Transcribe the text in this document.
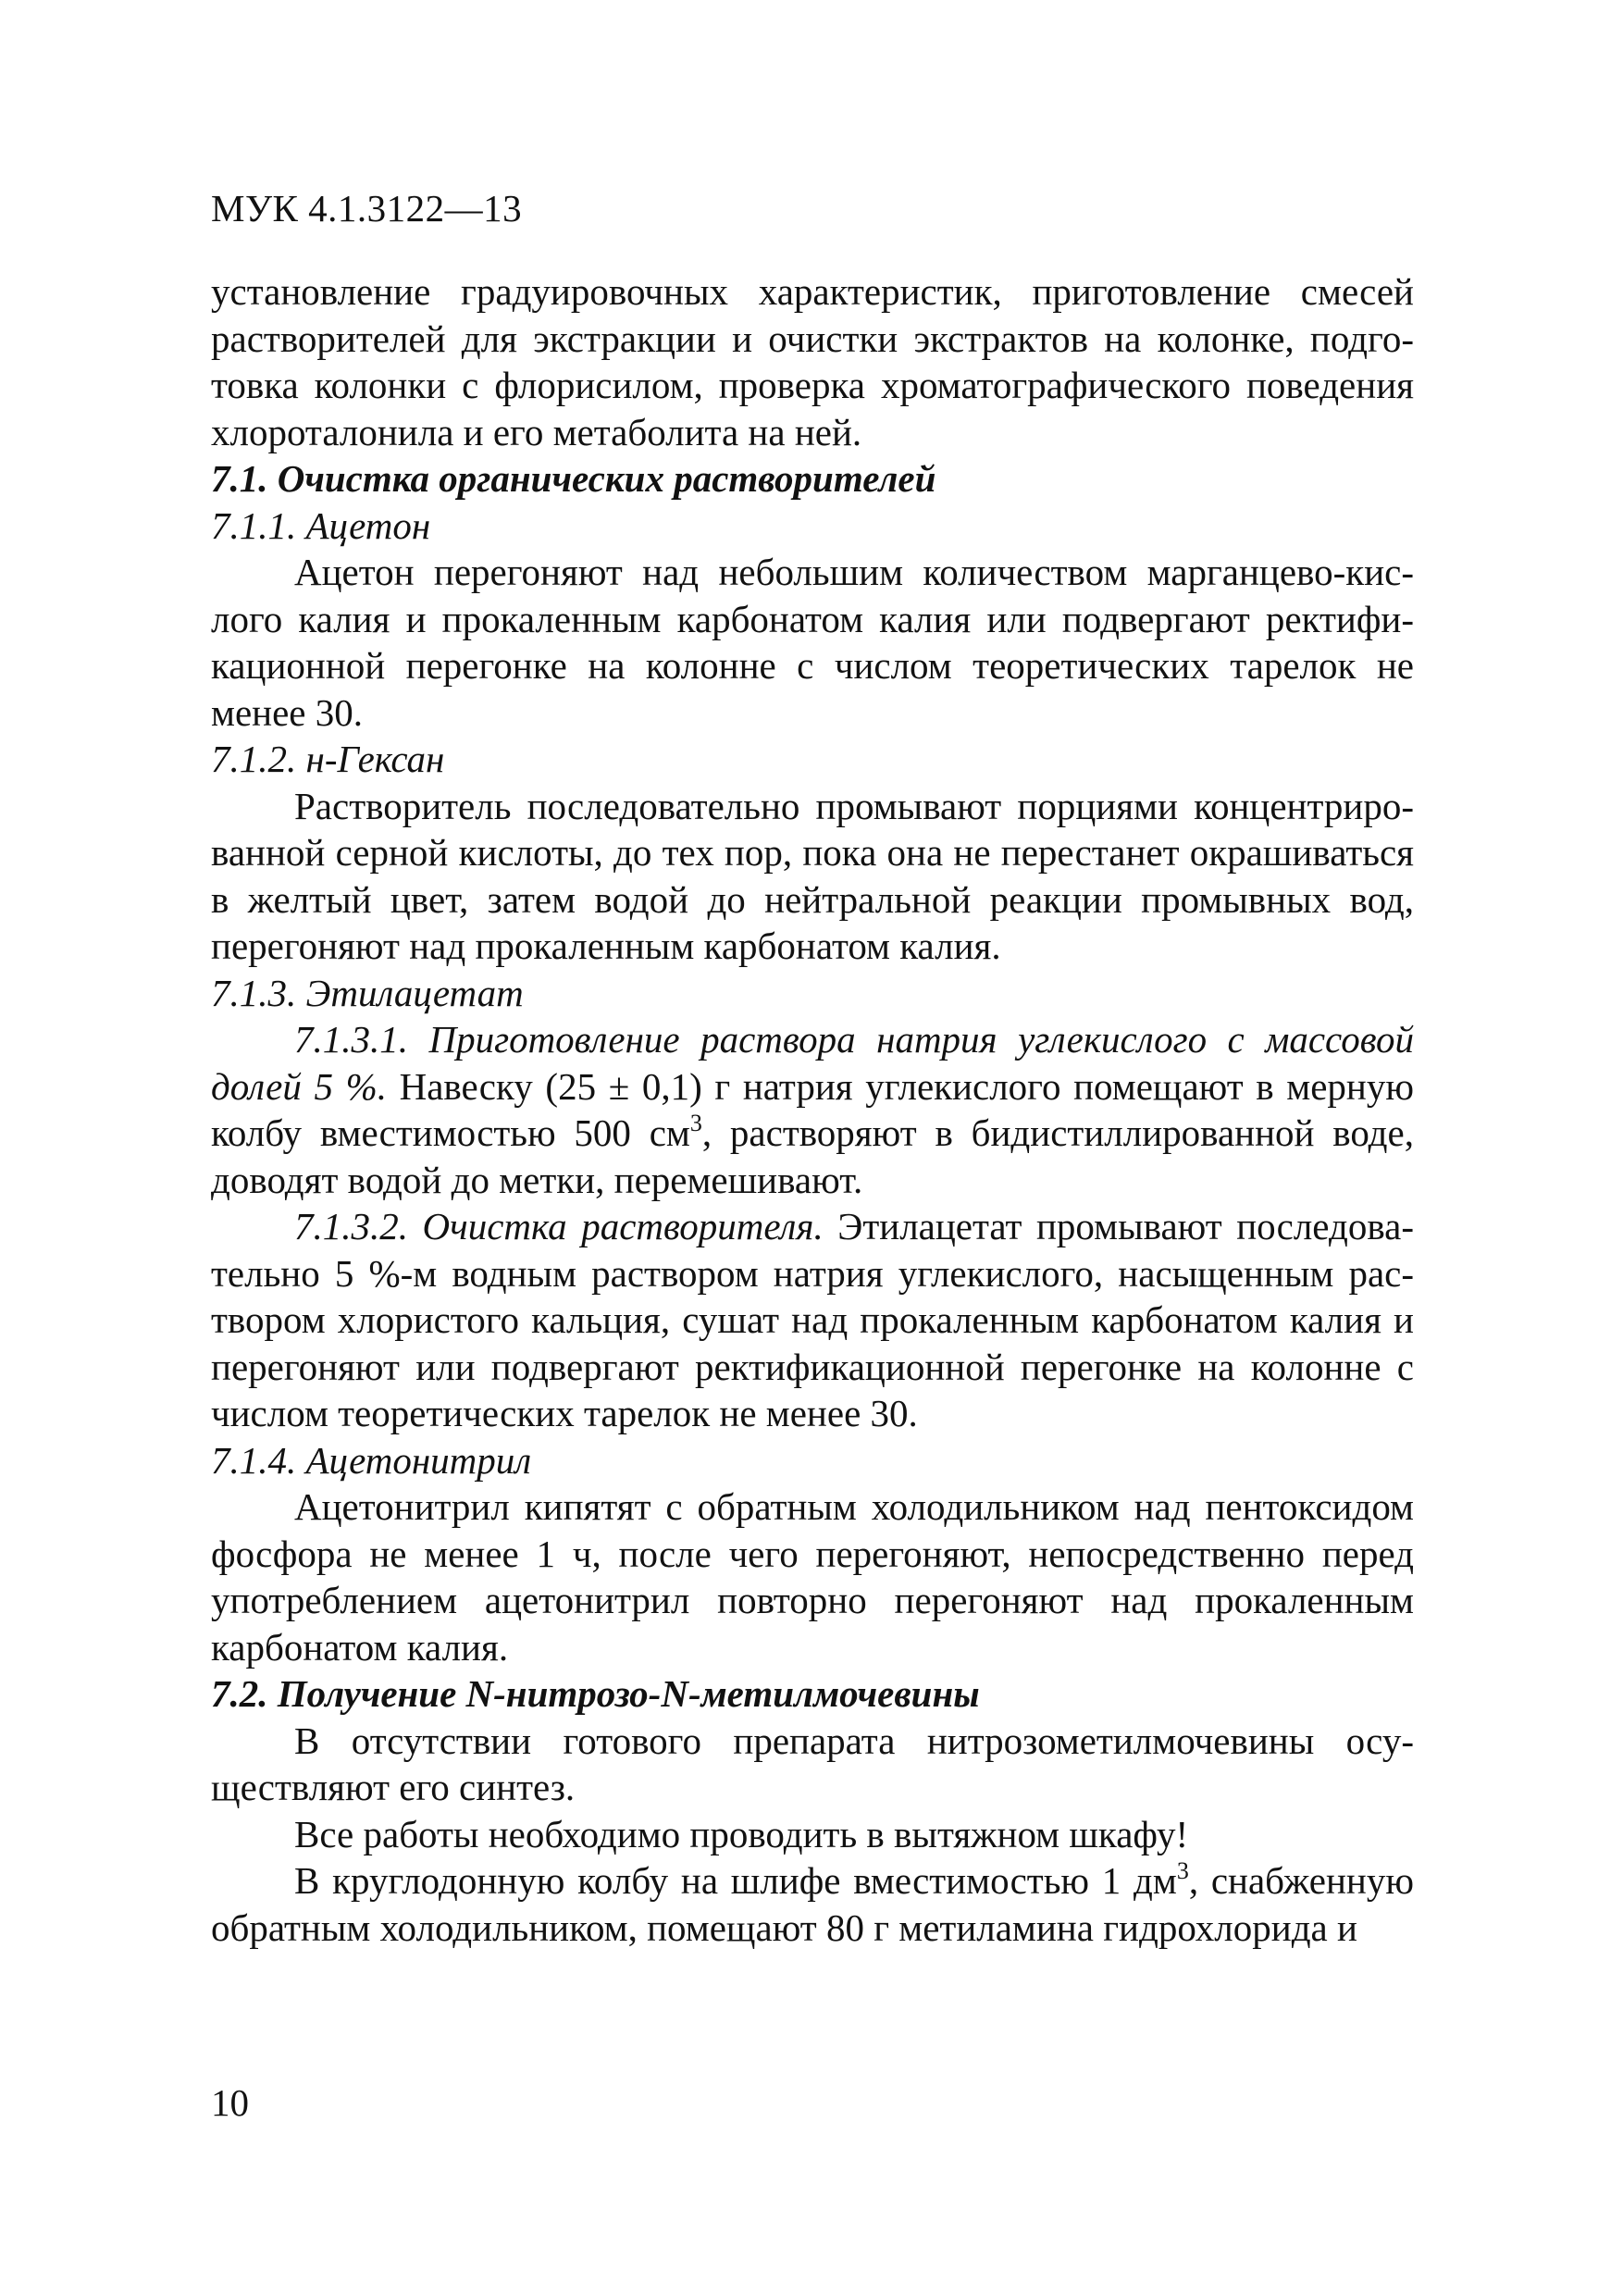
МУК 4.1.3122—13

установление градуировочных характеристик, приготовление смесей растворителей для экстракции и очистки экстрактов на колонке, подготовка колонки с флорисилом, проверка хроматографического поведения хлороталонила и его метаболита на ней.

7.1. Очистка органических растворителей

7.1.1. Ацетон

Ацетон перегоняют над небольшим количеством марганцево-кислого калия и прокаленным карбонатом калия или подвергают ректификационной перегонке на колонне с числом теоретических тарелок не менее 30.

7.1.2. н-Гексан

Растворитель последовательно промывают порциями концентрированной серной кислоты, до тех пор, пока она не перестанет окрашиваться в желтый цвет, затем водой до нейтральной реакции промывных вод, перегоняют над прокаленным карбонатом калия.

7.1.3. Этилацетат

7.1.3.1. Приготовление раствора натрия углекислого с массовой долей 5 %. Навеску (25 ± 0,1) г натрия углекислого помещают в мерную колбу вместимостью 500 $см^3$, растворяют в бидистиллированной воде, доводят водой до метки, перемешивают.

7.1.3.2. Очистка растворителя. Этилацетат промывают последовательно 5 %-м водным раствором натрия углекислого, насыщенным раствором хлористого кальция, сушат над прокаленным карбонатом калия и перегоняют или подвергают ректификационной перегонке на колонне с числом теоретических тарелок не менее 30.

7.1.4. Ацетонитрил

Ацетонитрил кипятят с обратным холодильником над пентоксидом фосфора не менее 1 ч, после чего перегоняют, непосредственно перед употреблением ацетонитрил повторно перегоняют над прокаленным карбонатом калия.

7.2. Получение N-нитрозо-N-метилмочевины

В отсутствии готового препарата нитрозометилмочевины осуществляют его синтез.

Все работы необходимо проводить в вытяжном шкафу!

В круглодонную колбу на шлифе вместимостью 1 $дм^3$, снабженную обратным холодильником, помещают 80 г метиламина гидрохлорида и

10
